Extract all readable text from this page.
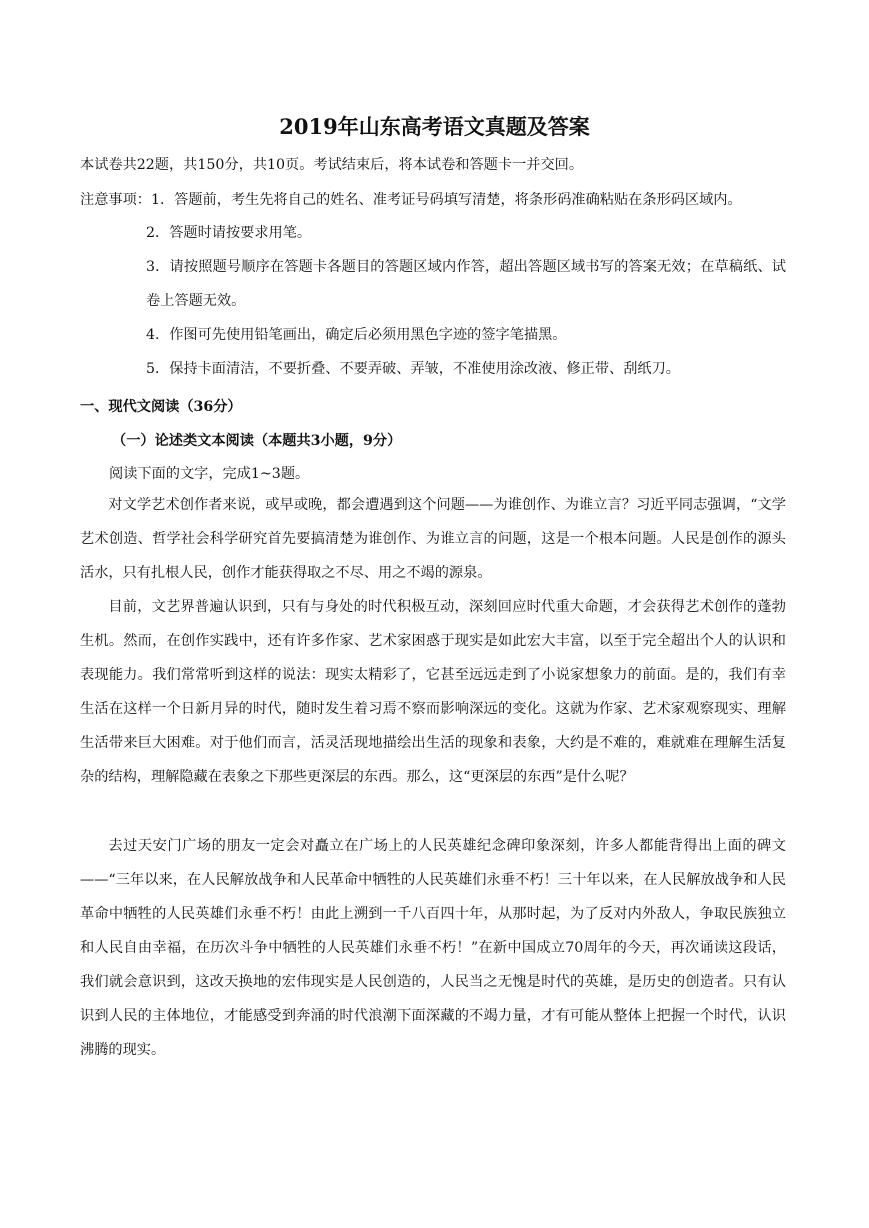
2019年山东高考语文真题及答案
本试卷共22题，共150分，共10页。考试结束后，将本试卷和答题卡一并交回。
注意事项：1．答题前，考生先将自己的姓名、准考证号码填写清楚，将条形码准确粘贴在条形码区域内。

2．答题时请按要求用笔。

3．请按照题号顺序在答题卡各题目的答题区域内作答，超出答题区域书写的答案无效；在草稿纸、试卷上答题无效。

4．作图可先使用铅笔画出，确定后必须用黑色字迹的签字笔描黑。

5．保持卡面清洁，不要折叠、不要弄破、弄皱，不准使用涂改液、修正带、刮纸刀。

一、现代文阅读（36分）
（一）论述类文本阅读（本题共3小题，9分）
阅读下面的文字，完成1~3题。

对文学艺术创作者来说，或早或晚，都会遭遇到这个问题——为谁创作、为谁立言？习近平同志强调，“文学艺术创造、哲学社会科学研究首先要搞清楚为谁创作、为谁立言的问题，这是一个根本问题。人民是创作的源头活水，只有扎根人民，创作才能获得取之不尽、用之不竭的源泉。

目前，文艺界普遍认识到，只有与身处的时代积极互动，深刻回应时代重大命题，才会获得艺术创作的蓬勃生机。然而，在创作实践中，还有许多作家、艺术家困惑于现实是如此宏大丰富，以至于完全超出个人的认识和表现能力。我们常常听到这样的说法：现实太精彩了，它甚至远远走到了小说家想象力的前面。是的，我们有幸生活在这样一个日新月异的时代，随时发生着习焉不察而影响深远的变化。这就为作家、艺术家观察现实、理解生活带来巨大困难。对于他们而言，活灵活现地描绘出生活的现象和表象，大约是不难的，难就难在理解生活复杂的结构，理解隐藏在表象之下那些更深层的东西。那么，这“更深层的东西”是什么呢？

去过天安门广场的朋友一定会对矗立在广场上的人民英雄纪念碑印象深刻，许多人都能背得出上面的碑文——“三年以来，在人民解放战争和人民革命中牺牲的人民英雄们永垂不朽！三十年以来，在人民解放战争和人民革命中牺牲的人民英雄们永垂不朽！由此上溯到一千八百四十年，从那时起，为了反对内外敌人，争取民族独立和人民自由幸福，在历次斗争中牺牲的人民英雄们永垂不朽！”在新中国成立70周年的今天，再次诵读这段话，我们就会意识到，这改天换地的宏伟现实是人民创造的，人民当之无愧是时代的英雄，是历史的创造者。只有认识到人民的主体地位，才能感受到奔涌的时代浪潮下面深藏的不竭力量，才有可能从整体上把握一个时代，认识沸腾的现实。
